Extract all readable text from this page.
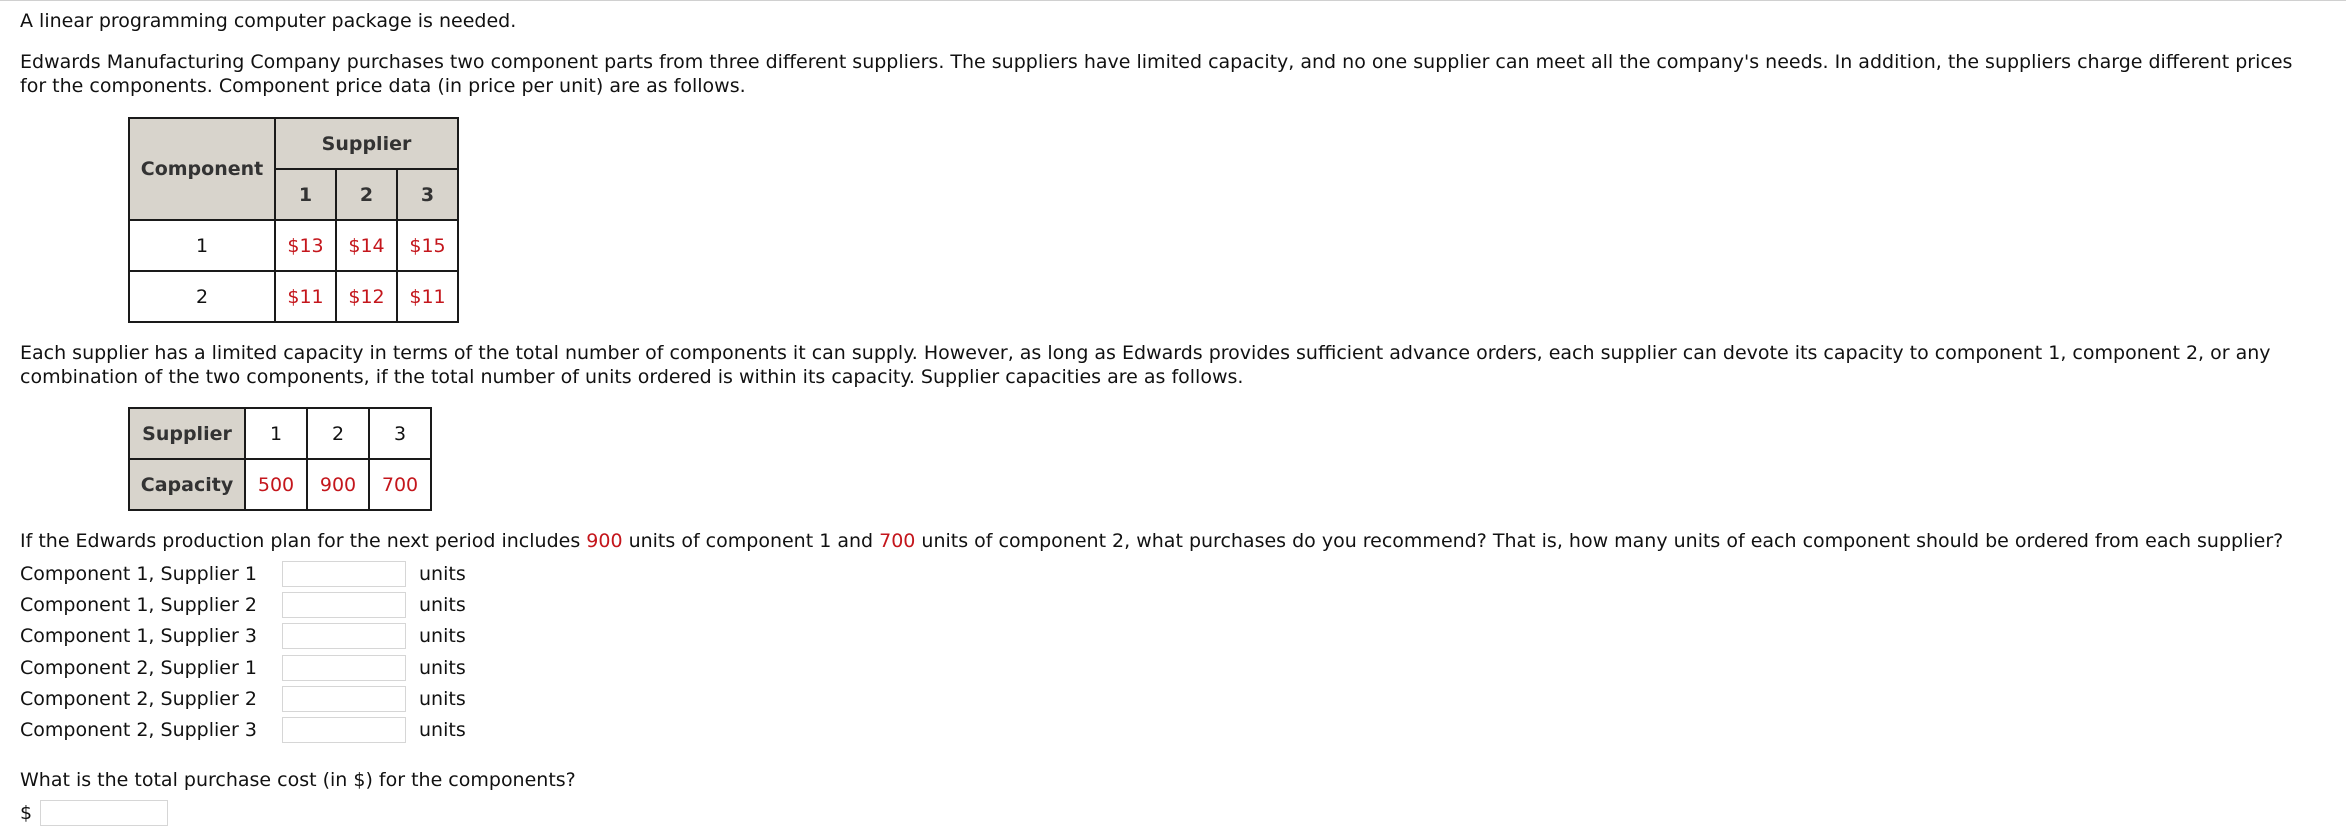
A linear programming computer package is needed.

Edwards Manufacturing Company purchases two component parts from three different suppliers. The suppliers have limited capacity, and no one supplier can meet all the company's needs. In addition, the suppliers charge different prices for the components. Component price data (in price per unit) are as follows.

Component	Supplier		
	1	2	3
1	$13	$14	$15
2	$11	$12	$11

Each supplier has a limited capacity in terms of the total number of components it can supply. However, as long as Edwards provides sufficient advance orders, each supplier can devote its capacity to component 1, component 2, or any combination of the two components, if the total number of units ordered is within its capacity. Supplier capacities are as follows.

Supplier	1	2	3
Capacity	500	900	700

If the Edwards production plan for the next period includes 900 units of component 1 and 700 units of component 2, what purchases do you recommend? That is, how many units of each component should be ordered from each supplier?

Component 1, Supplier 1	units
Component 1, Supplier 2	units
Component 1, Supplier 3	units
Component 2, Supplier 1	units
Component 2, Supplier 2	units
Component 2, Supplier 3	units

What is the total purchase cost (in $) for the components?

$
